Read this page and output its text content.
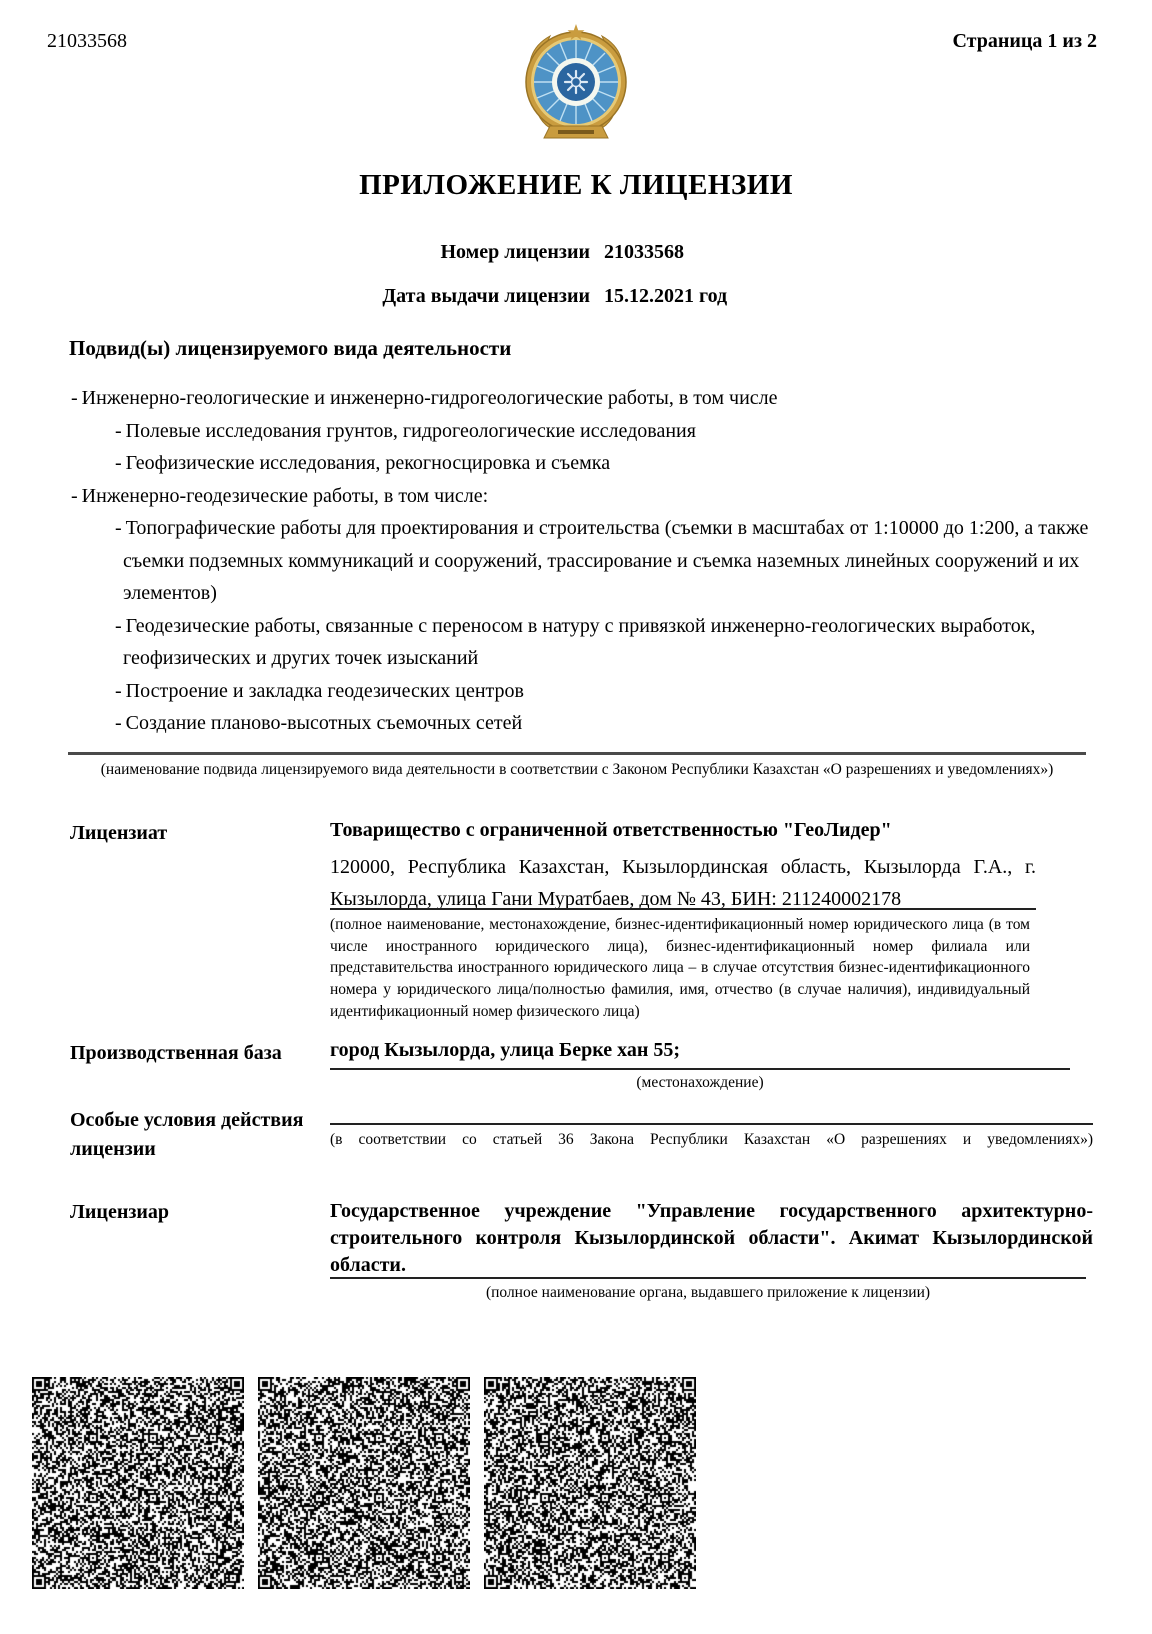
21033568	Страница 1 из 2
ПРИЛОЖЕНИЕ К ЛИЦЕНЗИИ
Номер лицензии 21033568
Дата выдачи лицензии 15.12.2021 год
Подвид(ы) лицензируемого вида деятельности
‑ Инженерно-геологические и инженерно-гидрогеологические работы, в том числе
‑ Полевые исследования грунтов, гидрогеологические исследования
‑ Геофизические исследования, рекогносцировка и съемка
‑ Инженерно-геодезические работы, в том числе:
‑ Топографические работы для проектирования и строительства (съемки в масштабах от 1:10000 до 1:200, а также съемки подземных коммуникаций и сооружений, трассирование и съемка наземных линейных сооружений и их элементов)
‑ Геодезические работы, связанные с переносом в натуру с привязкой инженерно-геологических выработок, геофизических и других точек изысканий
‑ Построение и закладка геодезических центров
‑ Создание планово-высотных съемочных сетей
(наименование подвида лицензируемого вида деятельности в соответствии с Законом Республики Казахстан «О разрешениях и уведомлениях»)
Лицензиат	Товарищество с ограниченной ответственностью "ГеоЛидер"
120000, Республика Казахстан, Кызылординская область, Кызылорда Г.А., г. Кызылорда, улица Гани Муратбаев, дом № 43, БИН: 211240002178
(полное наименование, местонахождение, бизнес-идентификационный номер юридического лица (в том числе иностранного юридического лица), бизнес-идентификационный номер филиала или представительства иностранного юридического лица – в случае отсутствия бизнес-идентификационного номера у юридического лица/полностью фамилия, имя, отчество (в случае наличия), индивидуальный идентификационный номер физического лица)
Производственная база	город Кызылорда, улица Берке хан 55;
(местонахождение)
Особые условия действия лицензии	(в соответствии со статьей 36 Закона Республики Казахстан «О разрешениях и уведомлениях»)
Лицензиар	Государственное учреждение "Управление государственного архитектурно-строительного контроля Кызылординской области". Акимат Кызылординской области.
(полное наименование органа, выдавшего приложение к лицензии)
